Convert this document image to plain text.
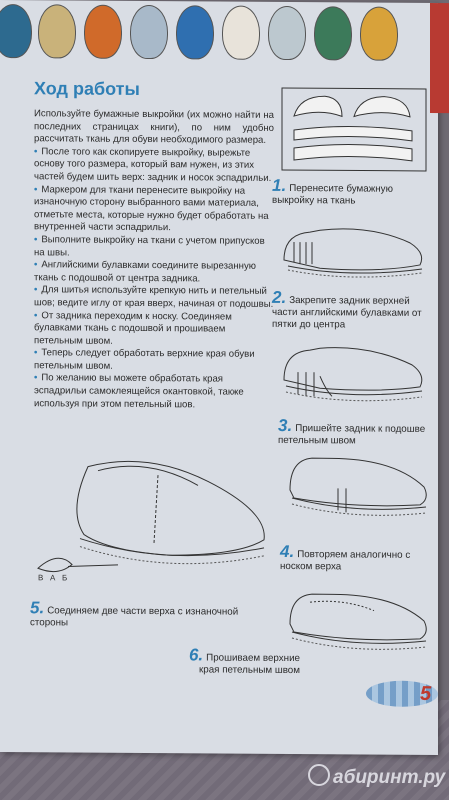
Ход работы

Используйте бумажные выкройки (их можно найти на последних страницах книги), по ним удобно рассчитать ткань для обуви необходимого размера.

• После того как скопируете выкройку, вырежьте основу того размера, который вам нужен, из этих частей будем шить верх: задник и носок эспадрильи.

• Маркером для ткани перенесите выкройку на изнаночную сторону выбранного вами материала, отметьте места, которые нужно будет обработать на внутренней части эспадрильи.

• Выполните выкройку на ткани с учетом припусков на швы.

• Английскими булавками соедините вырезанную ткань с подошвой от центра задника.

• Для шитья используйте крепкую нить и петельный шов; ведите иглу от края вверх, начиная от подошвы.

• От задника переходим к носку. Соединяем булавками ткань с подошвой и прошиваем петельным швом.

• Теперь следует обработать верхние края обуви петельным швом.

• По желанию вы можете обработать края эспадрильи самоклеящейся окантовкой, также используя при этом петельный шов.

1. Перенесите бумажную выкройку на ткань
2. Закрепите задник верхней части английскими булавками от пятки до центра
3. Пришейте задник к подошве петельным швом
4. Повторяем аналогично с носком верха
В А Б
5. Соединяем две части верха с изнаночной стороны
6. Прошиваем верхние края петельным швом
5
абиринт.ру
